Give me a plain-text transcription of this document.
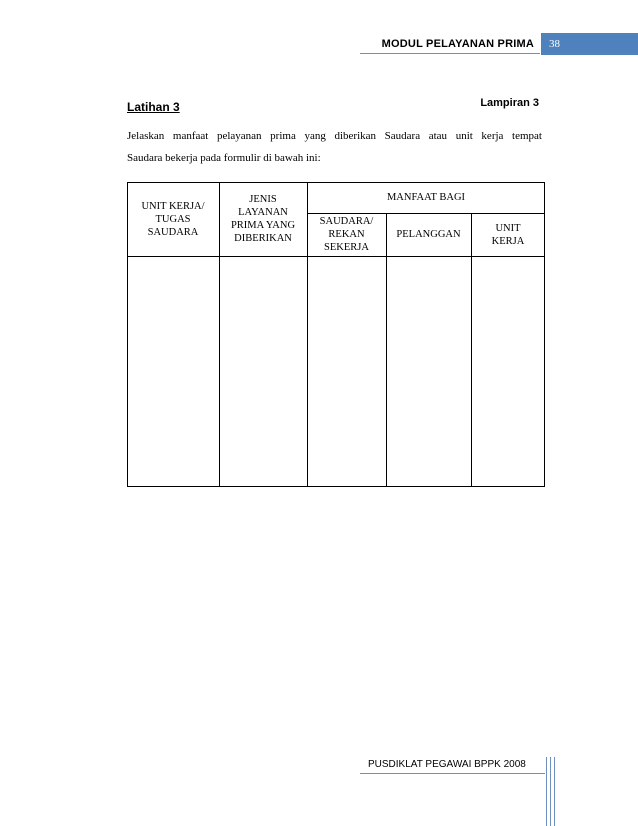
MODUL PELAYANAN PRIMA	38
Lampiran 3
Latihan 3

Jelaskan manfaat pelayanan prima yang diberikan Saudara atau unit kerja tempat

Saudara bekerja pada formulir di bawah ini:

UNIT KERJA/
TUGAS
SAUDARA
JENIS
LAYANAN
PRIMA YANG
DIBERIKAN
MANFAAT BAGI
SAUDARA/
REKAN
SEKERJA
PELANGGAN
UNIT
KERJA
PUSDIKLAT PEGAWAI BPPK 2008
